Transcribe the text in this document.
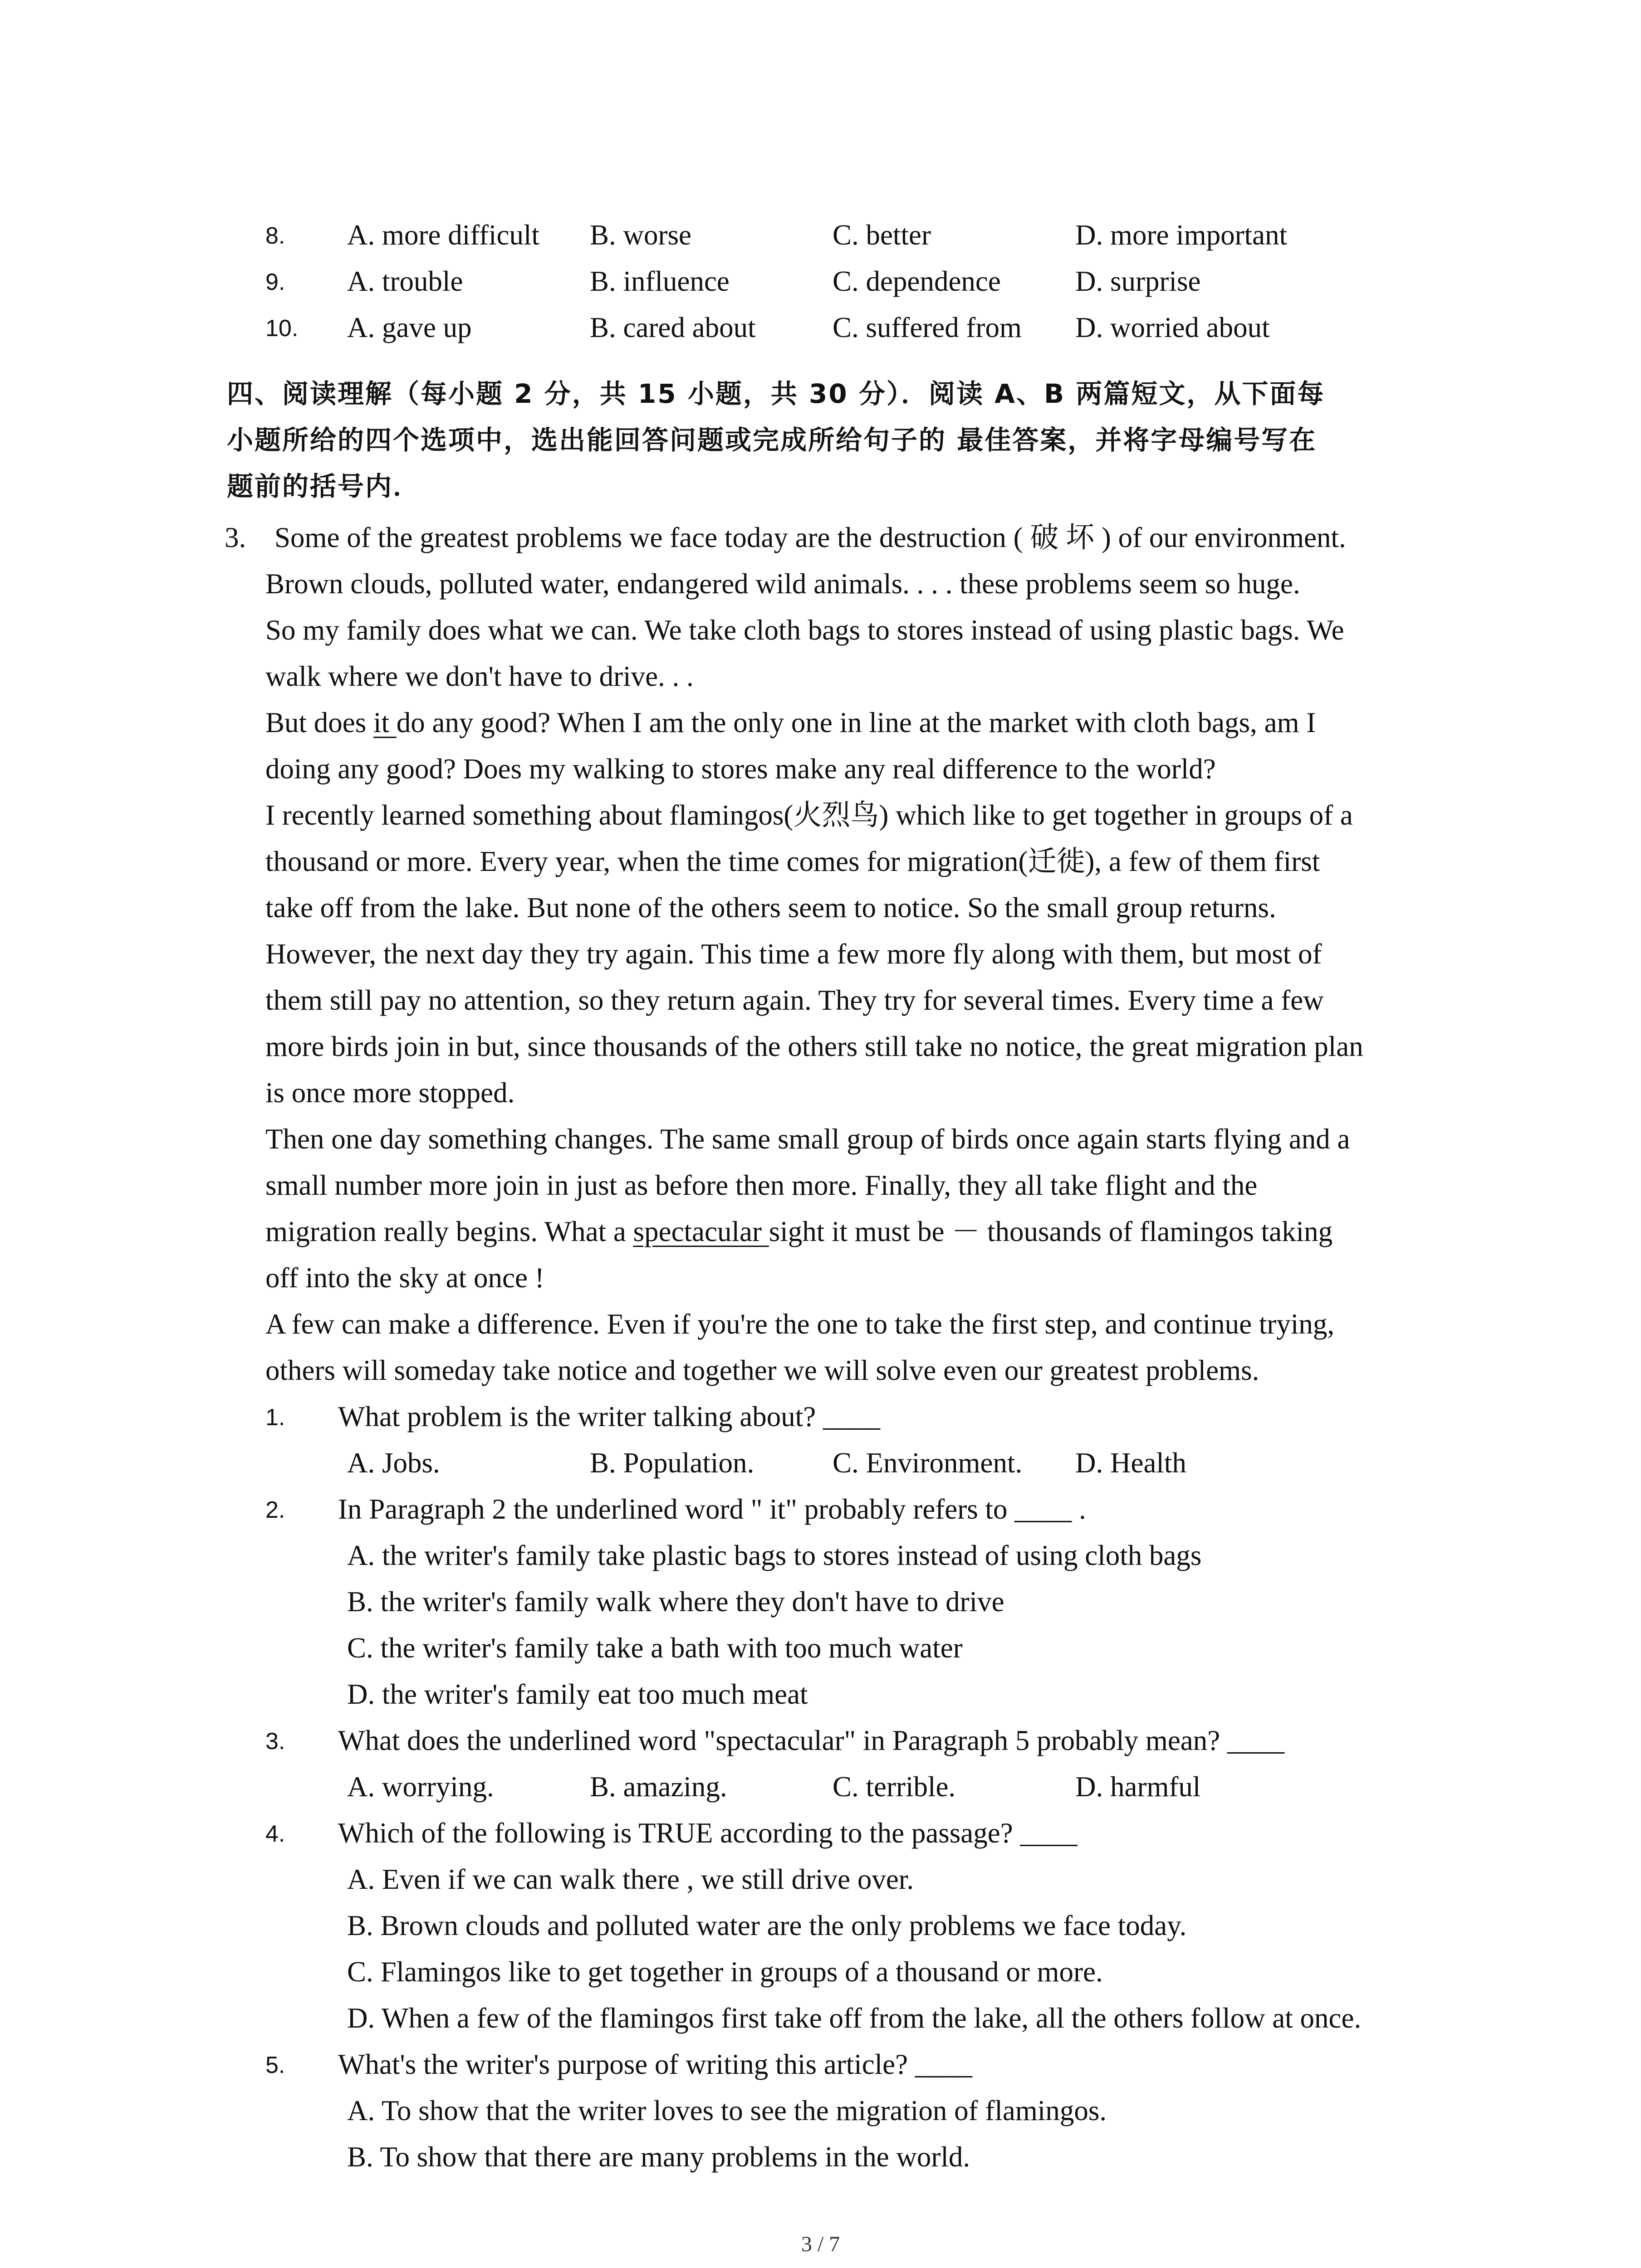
8. A. more difficult B. worse	C. better	D. more important
9. A. trouble	B. influence	C. dependence	D. surprise
10. A. gave up	B. cared about	C. suffered from D. worried about
四、阅读理解（每小题 2 分，共 15 小题，共 30 分）．阅读 A、B 两篇短文，从下面每
小题所给的四个选项中，选出能回答问题或完成所给句子的 最佳答案，并将字母编号写在
题前的括号内．
3. Some of the greatest problems we face today are the destruction ( 破 坏 ) of our environment.
Brown clouds, polluted water, endangered wild animals. . . . these problems seem so huge.
So my family does what we can. We take cloth bags to stores instead of using plastic bags. We
walk where we don't have to drive. . .
But does it do any good? When I am the only one in line at the market with cloth bags, am I
doing any good? Does my walking to stores make any real difference to the world?
I recently learned something about flamingos(火烈鸟) which like to get together in groups of a
thousand or more. Every year, when the time comes for migration(迁徙), a few of them first
take off from the lake. But none of the others seem to notice. So the small group returns.
However, the next day they try again. This time a few more fly along with them, but most of
them still pay no attention, so they return again. They try for several times. Every time a few
more birds join in but, since thousands of the others still take no notice, the great migration plan
is once more stopped.
Then one day something changes. The same small group of birds once again starts flying and a
small number more join in just as before then more. Finally, they all take flight and the
migration really begins. What a spectacular sight it must be － thousands of flamingos taking
off into the sky at once !
A few can make a difference. Even if you're the one to take the first step, and continue trying,
others will someday take notice and together we will solve even our greatest problems.
1. What problem is the writer talking about? ____
A. Jobs.	B. Population.	C. Environment. D. Health
2. In Paragraph 2 the underlined word " it" probably refers to ____ .
A. the writer's family take plastic bags to stores instead of using cloth bags
B. the writer's family walk where they don't have to drive
C. the writer's family take a bath with too much water
D. the writer's family eat too much meat
3. What does the underlined word "spectacular" in Paragraph 5 probably mean? ____
A. worrying.	B. amazing.	C. terrible.	D. harmful
4. Which of the following is TRUE according to the passage? ____
A. Even if we can walk there , we still drive over.
B. Brown clouds and polluted water are the only problems we face today.
C. Flamingos like to get together in groups of a thousand or more.
D. When a few of the flamingos first take off from the lake, all the others follow at once.
5. What's the writer's purpose of writing this article? ____
A. To show that the writer loves to see the migration of flamingos.
B. To show that there are many problems in the world.
3 / 7
